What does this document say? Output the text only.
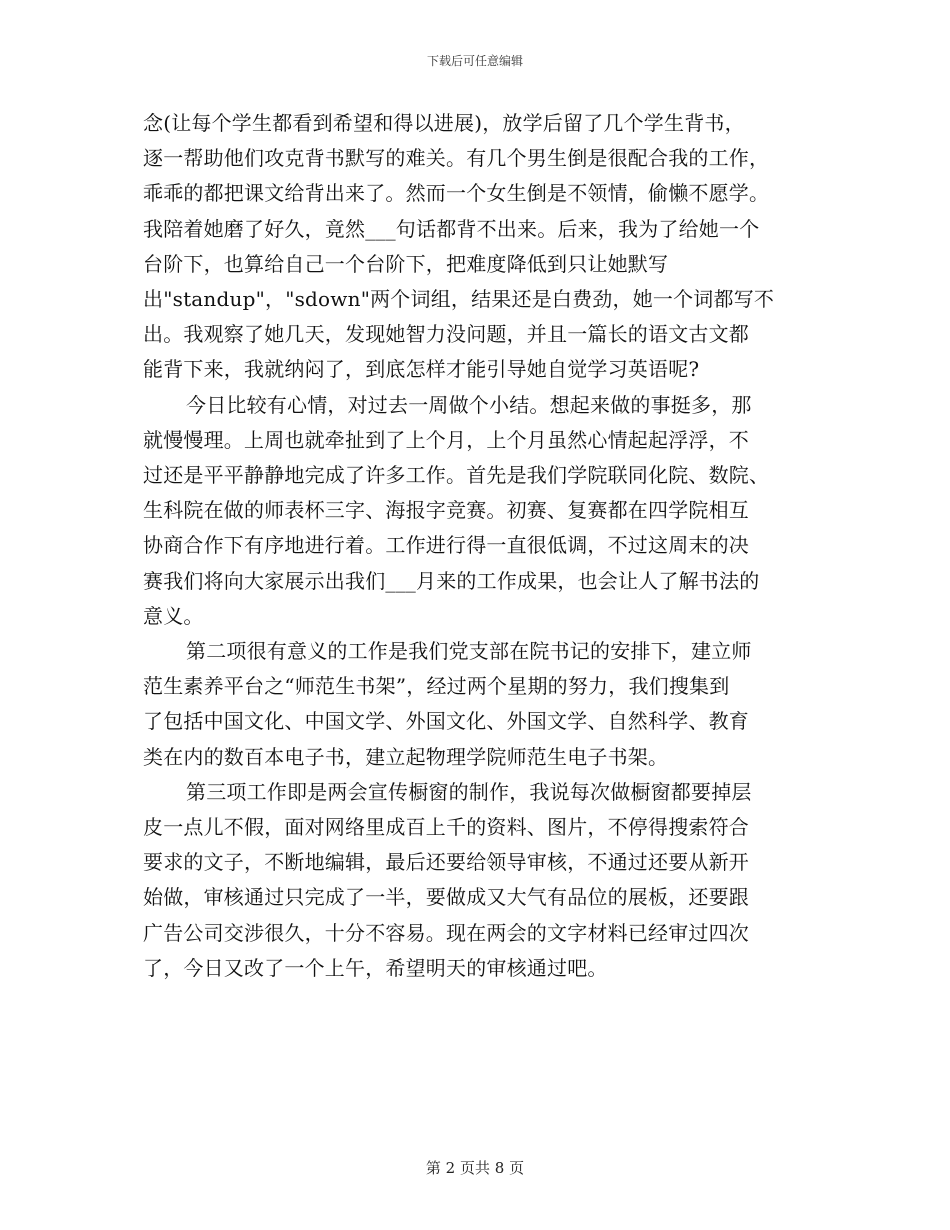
下载后可任意编辑

念(让每个学生都看到希望和得以进展)，放学后留了几个学生背书，
逐一帮助他们攻克背书默写的难关。有几个男生倒是很配合我的工作，
乖乖的都把课文给背出来了。然而一个女生倒是不领情，偷懒不愿学。
我陪着她磨了好久，竟然___句话都背不出来。后来，我为了给她一个
台阶下，也算给自己一个台阶下，把难度降低到只让她默写
出"standup"，"sdown"两个词组，结果还是白费劲，她一个词都写不
出。我观察了她几天，发现她智力没问题，并且一篇长的语文古文都
能背下来，我就纳闷了，到底怎样才能引导她自觉学习英语呢?

今日比较有心情，对过去一周做个小结。想起来做的事挺多，那
就慢慢理。上周也就牵扯到了上个月，上个月虽然心情起起浮浮，不
过还是平平静静地完成了许多工作。首先是我们学院联同化院、数院、
生科院在做的师表杯三字、海报字竞赛。初赛、复赛都在四学院相互
协商合作下有序地进行着。工作进行得一直很低调，不过这周末的决
赛我们将向大家展示出我们___月来的工作成果，也会让人了解书法的
意义。

第二项很有意义的工作是我们党支部在院书记的安排下，建立师
范生素养平台之“师范生书架”，经过两个星期的努力，我们搜集到
了包括中国文化、中国文学、外国文化、外国文学、自然科学、教育
类在内的数百本电子书，建立起物理学院师范生电子书架。

第三项工作即是两会宣传橱窗的制作，我说每次做橱窗都要掉层
皮一点儿不假，面对网络里成百上千的资料、图片，不停得搜索符合
要求的文子，不断地编辑，最后还要给领导审核，不通过还要从新开
始做，审核通过只完成了一半，要做成又大气有品位的展板，还要跟
广告公司交涉很久，十分不容易。现在两会的文字材料已经审过四次
了，今日又改了一个上午，希望明天的审核通过吧。

第 2 页共 8 页
